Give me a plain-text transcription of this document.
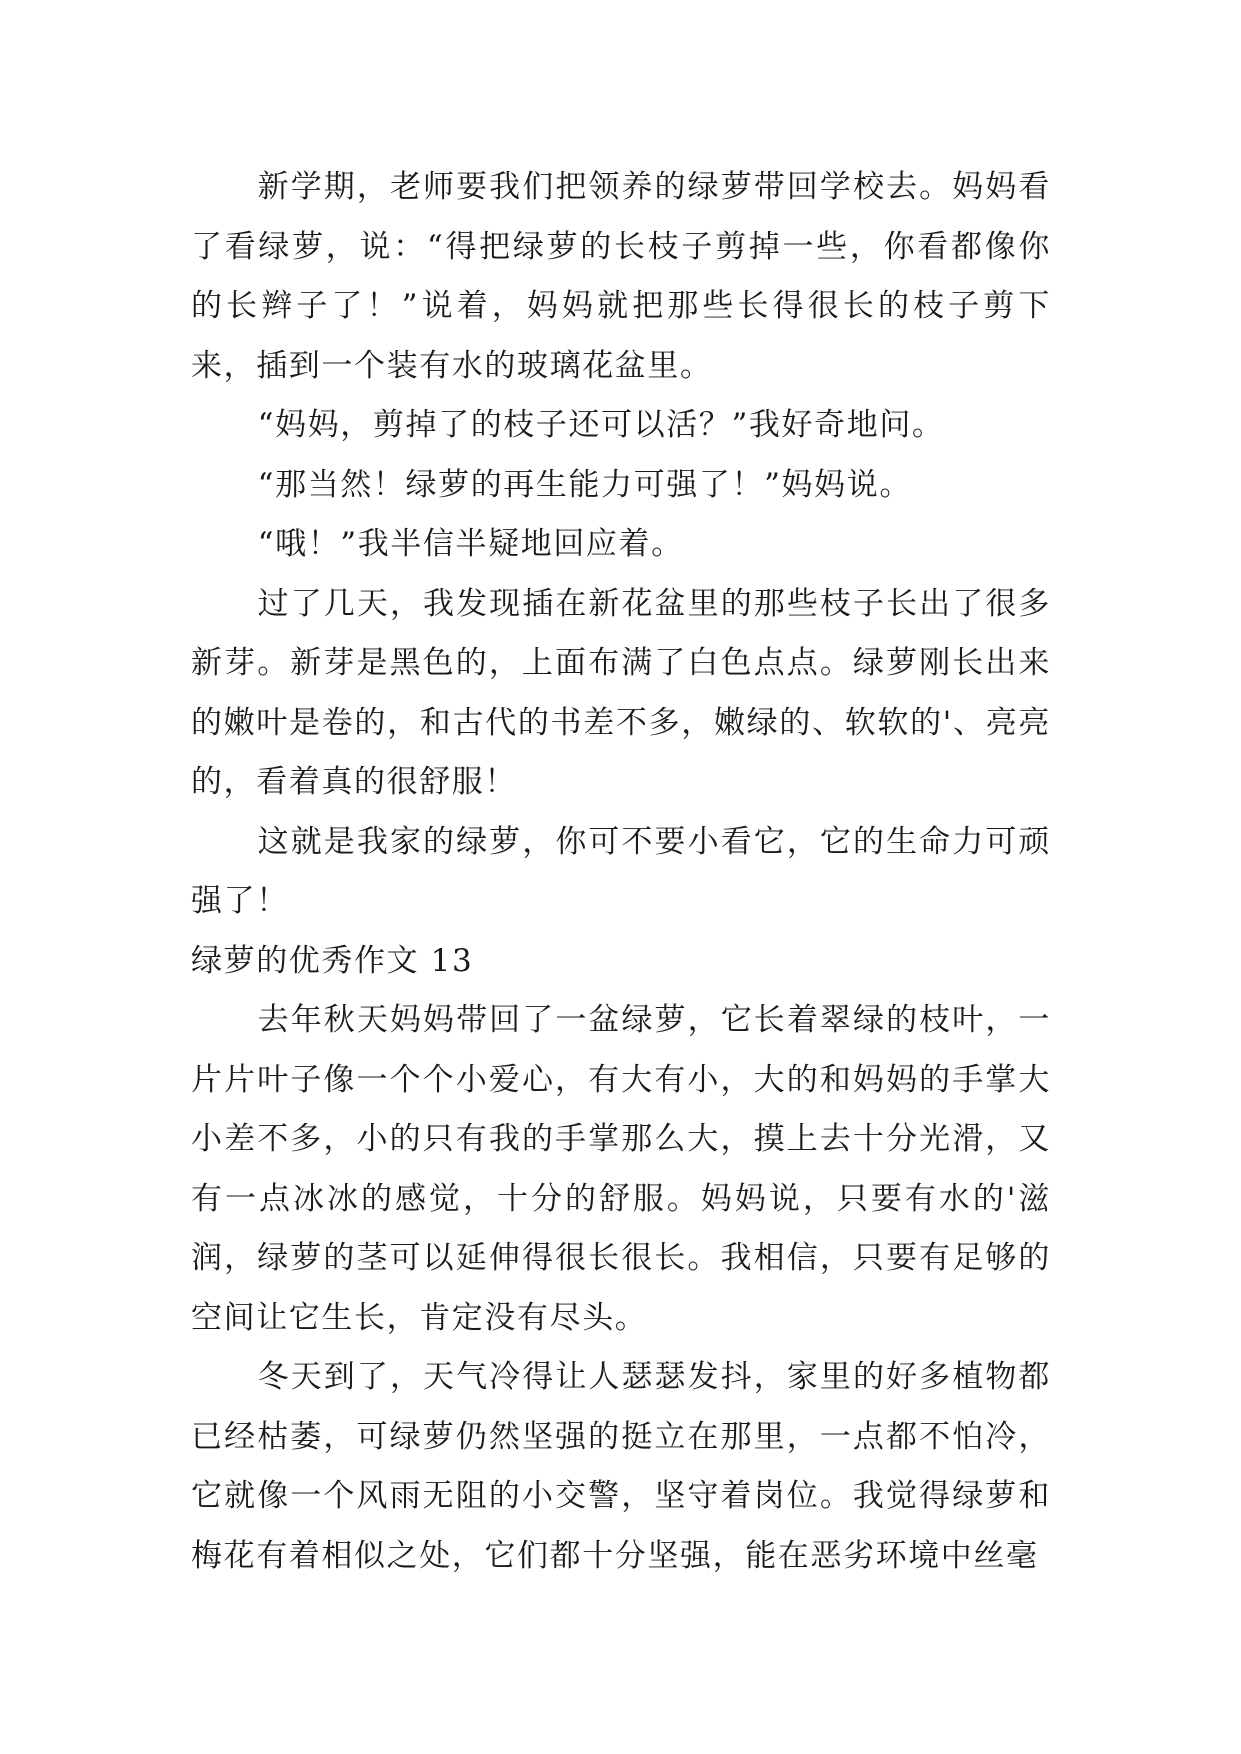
新学期，老师要我们把领养的绿萝带回学校去。妈妈看了看绿萝，说：“得把绿萝的长枝子剪掉一些，你看都像你的长辫子了！”说着，妈妈就把那些长得很长的枝子剪下来，插到一个装有水的玻璃花盆里。

“妈妈，剪掉了的枝子还可以活？”我好奇地问。

“那当然！绿萝的再生能力可强了！”妈妈说。

“哦！”我半信半疑地回应着。

过了几天，我发现插在新花盆里的那些枝子长出了很多新芽。新芽是黑色的，上面布满了白色点点。绿萝刚长出来的嫩叶是卷的，和古代的书差不多，嫩绿的、软软的'、亮亮的，看着真的很舒服！

这就是我家的绿萝，你可不要小看它，它的生命力可顽强了！

绿萝的优秀作文 13

去年秋天妈妈带回了一盆绿萝，它长着翠绿的枝叶，一片片叶子像一个个小爱心，有大有小，大的和妈妈的手掌大小差不多，小的只有我的手掌那么大，摸上去十分光滑，又有一点冰冰的感觉，十分的舒服。妈妈说，只要有水的'滋润，绿萝的茎可以延伸得很长很长。我相信，只要有足够的空间让它生长，肯定没有尽头。

冬天到了，天气冷得让人瑟瑟发抖，家里的好多植物都已经枯萎，可绿萝仍然坚强的挺立在那里，一点都不怕冷，它就像一个风雨无阻的小交警，坚守着岗位。我觉得绿萝和梅花有着相似之处，它们都十分坚强，能在恶劣环境中丝毫
